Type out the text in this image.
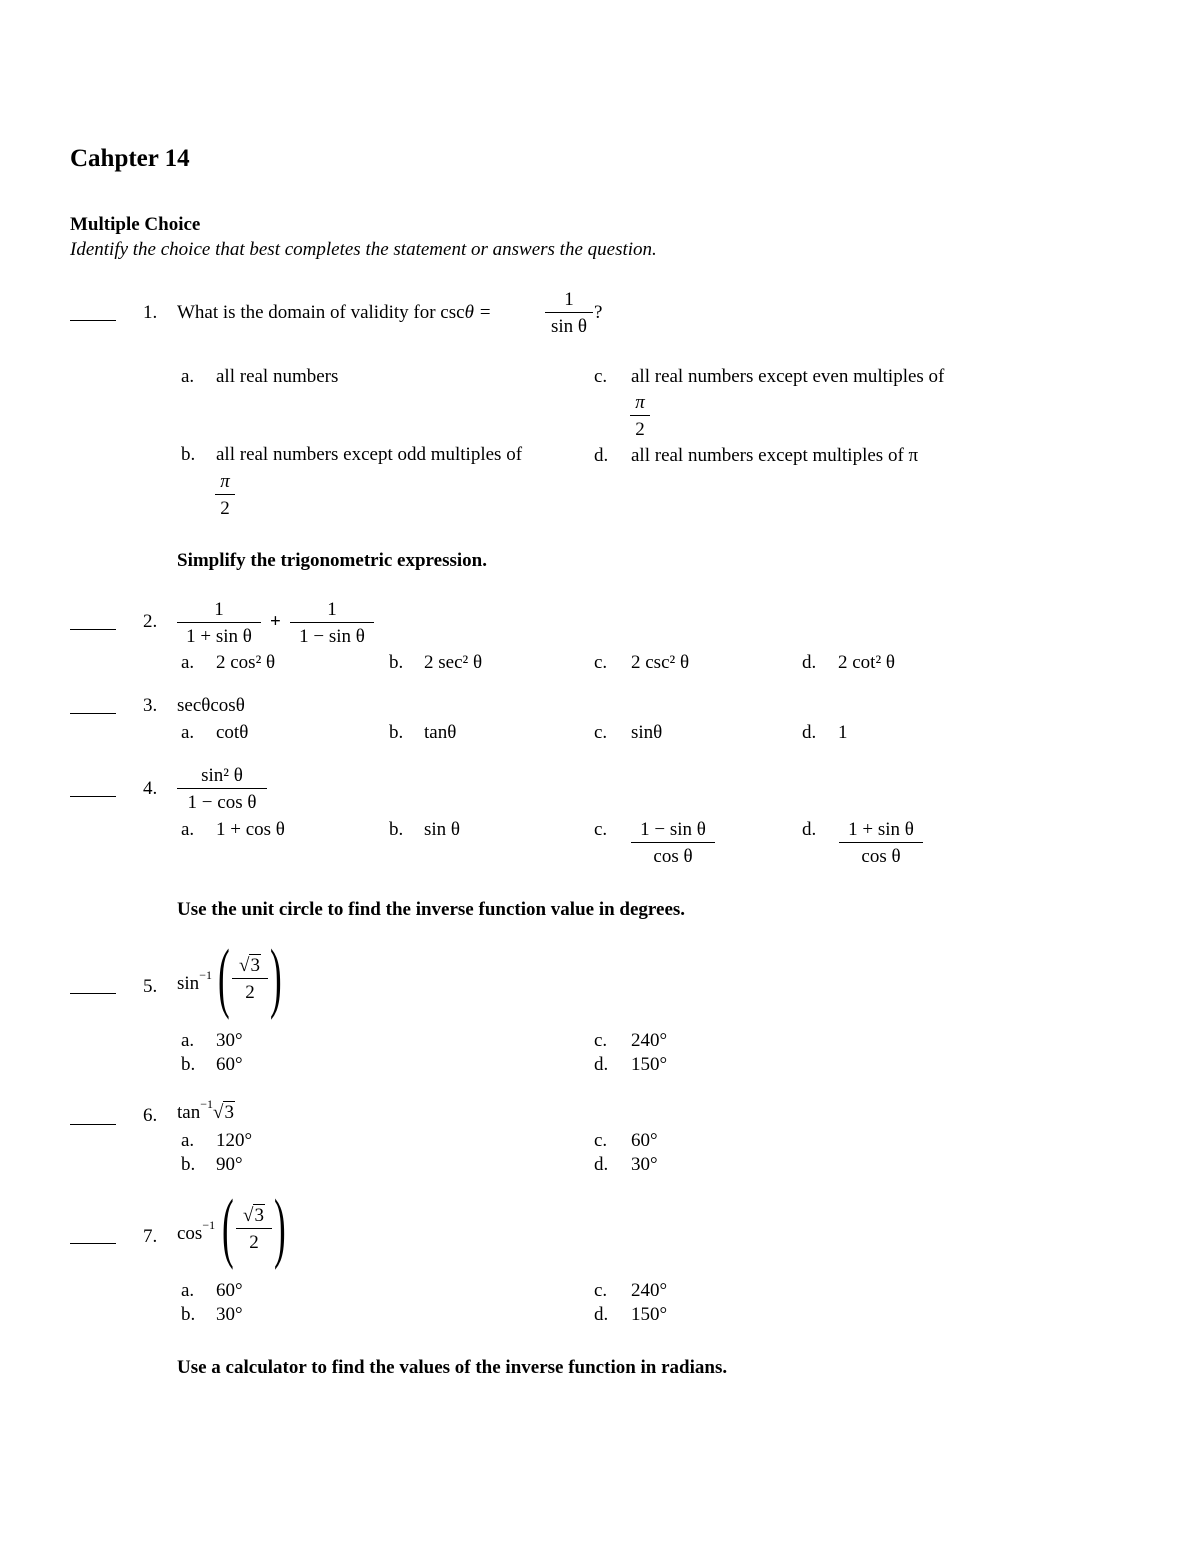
Cahpter 14
Multiple Choice
Identify the choice that best completes the statement or answers the question.
1. What is the domain of validity for cscθ =
1
sin θ
?
a. all real numbers	c. all real numbers except even multiples of
π
2
b. all real numbers except odd multiples of
π
2
d. all real numbers except multiples of π
Simplify the trigonometric expression.
2.
1
1 + sin θ
+
1
1 − sin θ
a. 2 cos² θ	b. 2 sec² θ	c. 2 csc² θ	d. 2 cot² θ
3. secθcosθ
a. cotθ	b. tanθ	c. sinθ	d. 1
4.
sin² θ
1 − cos θ
a. 1 + cos θ	b. sin θ	c.	1 − sin θ
cos θ
d.	1 + sin θ
cos θ
Use the unit circle to find the inverse function value in degrees.
5. $\sin^{-1}$ ( √3
2 )
a. 30°	c. 240°
b. 60°	d. 150°
6. $\tan^{-1}√3$
a. 120°	c. 60°
b. 90°	d. 30°
7. $\cos^{-1}$ ( √3
2 )
a. 60°	c. 240°
b. 30°	d. 150°
Use a calculator to find the values of the inverse function in radians.
